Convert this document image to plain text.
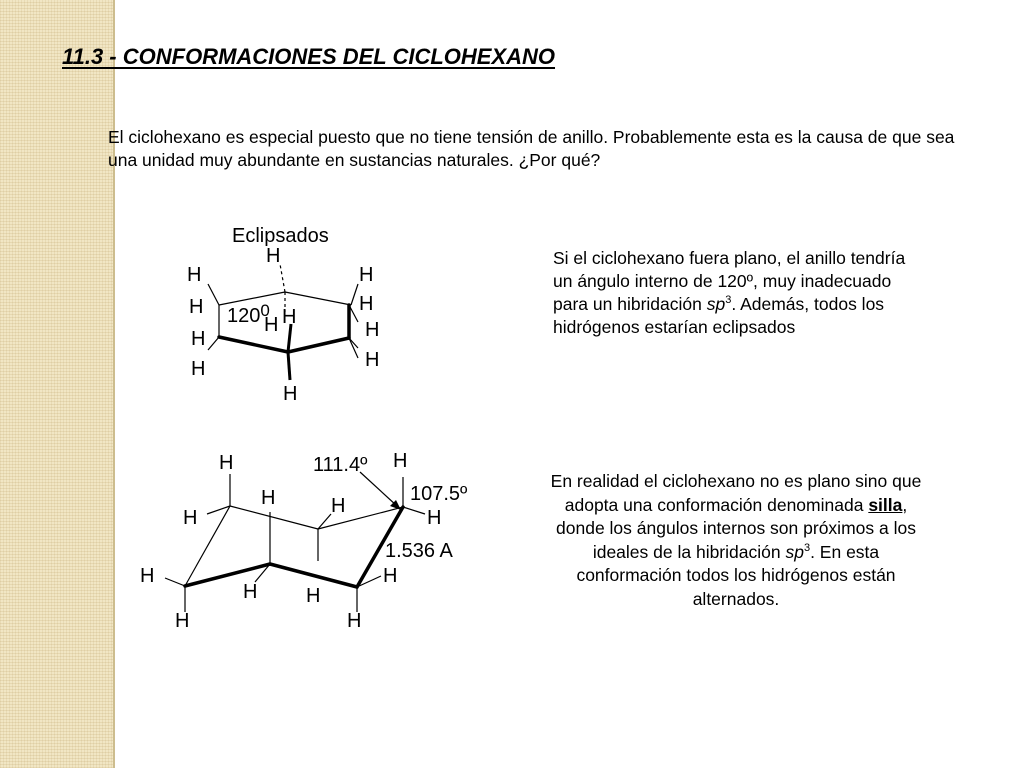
11.3 - CONFORMACIONES DEL CICLOHEXANO

El ciclohexano es especial puesto que no tiene tensión de anillo. Probablemente esta es la causa de que sea una unidad muy abundante en sustancias naturales. ¿Por qué?

Eclipsados
$120^0$
H
H	H
H	H
H H
H
H
H
H
H

Si el ciclohexano fuera plano, el anillo tendría un ángulo interno de 120º, muy inadecuado para un hibridación $sp^3$. Además, todos los hidrógenos estarían eclipsados

111.4º
107.5º
1.536 A
H	H
H	H
H	H
H	H
H H
H	H

En realidad el ciclohexano no es plano sino que adopta una conformación denominada silla, donde los ángulos internos son próximos a los ideales de la hibridación $sp^3$. En esta conformación todos los hidrógenos están alternados.
